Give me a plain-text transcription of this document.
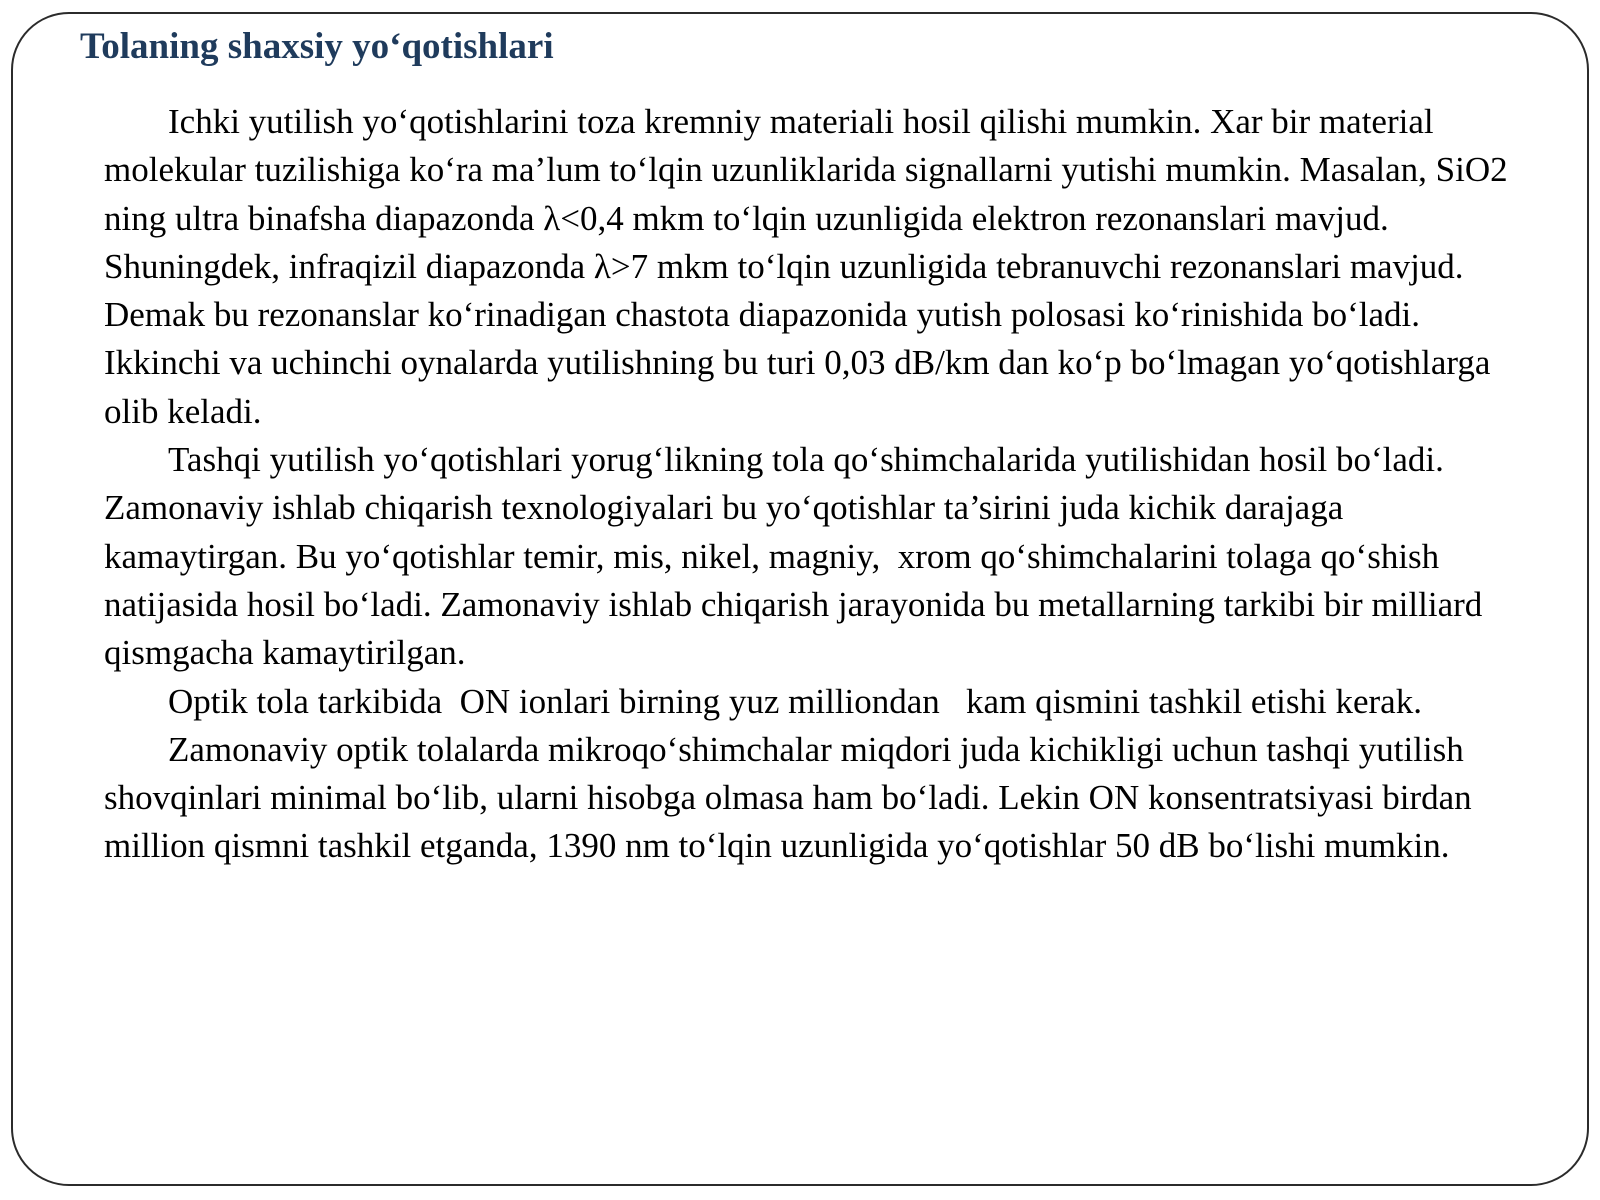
Tolaning shaxsiy yo‘qotishlari

Ichki yutilish yo‘qotishlarini toza kremniy materiali hosil qilishi mumkin. Xar bir material molekular tuzilishiga ko‘ra ma’lum to‘lqin uzunliklarida signallarni yutishi mumkin. Masalan, SiO2 ning ultra binafsha diapazonda λ<0,4 mkm to‘lqin uzunligida elektron rezonanslari mavjud. Shuningdek, infraqizil diapazonda λ>7 mkm to‘lqin uzunligida tebranuvchi rezonanslari mavjud. Demak bu rezonanslar ko‘rinadigan chastota diapazonida yutish polosasi ko‘rinishida bo‘ladi. Ikkinchi va uchinchi oynalarda yutilishning bu turi 0,03 dB/km dan ko‘p bo‘lmagan yo‘qotishlarga olib keladi.

Tashqi yutilish yo‘qotishlari yorug‘likning tola qo‘shimchalarida yutilishidan hosil bo‘ladi. Zamonaviy ishlab chiqarish texnologiyalari bu yo‘qotishlar ta’sirini juda kichik darajaga kamaytirgan. Bu yo‘qotishlar temir, mis, nikel, magniy,  xrom qo‘shimchalarini tolaga qo‘shish natijasida hosil bo‘ladi. Zamonaviy ishlab chiqarish jarayonida bu metallarning tarkibi bir milliard qismgacha kamaytirilgan.

Optik tola tarkibida  ON ionlari birning yuz milliondan   kam qismini tashkil etishi kerak.

Zamonaviy optik tolalarda mikroqo‘shimchalar miqdori juda kichikligi uchun tashqi yutilish shovqinlari minimal bo‘lib, ularni hisobga olmasa ham bo‘ladi. Lekin ON konsentratsiyasi birdan million qismni tashkil etganda, 1390 nm to‘lqin uzunligida yo‘qotishlar 50 dB bo‘lishi mumkin.
